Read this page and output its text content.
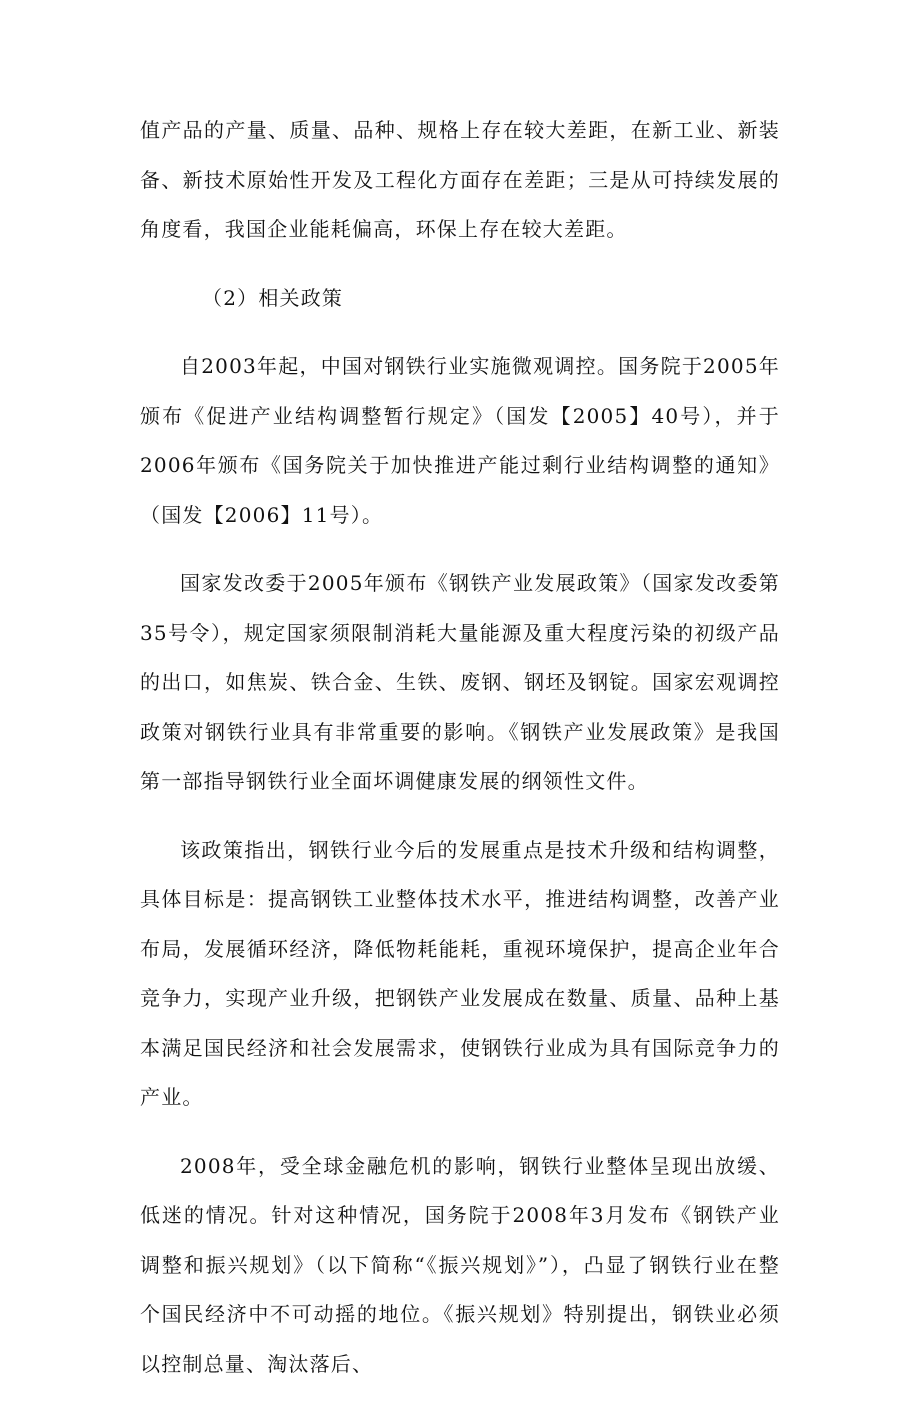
值产品的产量、质量、品种、规格上存在较大差距，在新工业、新装备、新技术原始性开发及工程化方面存在差距；三是从可持续发展的角度看，我国企业能耗偏高，环保上存在较大差距。

（2）相关政策

自2003年起，中国对钢铁行业实施微观调控。国务院于2005年颁布《促进产业结构调整暂行规定》（国发【2005】40号），并于2006年颁布《国务院关于加快推进产能过剩行业结构调整的通知》（国发【2006】11号）。

国家发改委于2005年颁布《钢铁产业发展政策》（国家发改委第35号令），规定国家须限制消耗大量能源及重大程度污染的初级产品的出口，如焦炭、铁合金、生铁、废钢、钢坯及钢锭。国家宏观调控政策对钢铁行业具有非常重要的影响。《钢铁产业发展政策》是我国第一部指导钢铁行业全面坏调健康发展的纲领性文件。

该政策指出，钢铁行业今后的发展重点是技术升级和结构调整，具体目标是：提高钢铁工业整体技术水平，推进结构调整，改善产业布局，发展循环经济，降低物耗能耗，重视环境保护，提高企业年合竞争力，实现产业升级，把钢铁产业发展成在数量、质量、品种上基本满足国民经济和社会发展需求，使钢铁行业成为具有国际竞争力的产业。

2008年，受全球金融危机的影响，钢铁行业整体呈现出放缓、低迷的情况。针对这种情况，国务院于2008年3月发布《钢铁产业调整和振兴规划》（以下简称“《振兴规划》”），凸显了钢铁行业在整个国民经济中不可动摇的地位。《振兴规划》特别提出，钢铁业必须以控制总量、淘汰落后、
